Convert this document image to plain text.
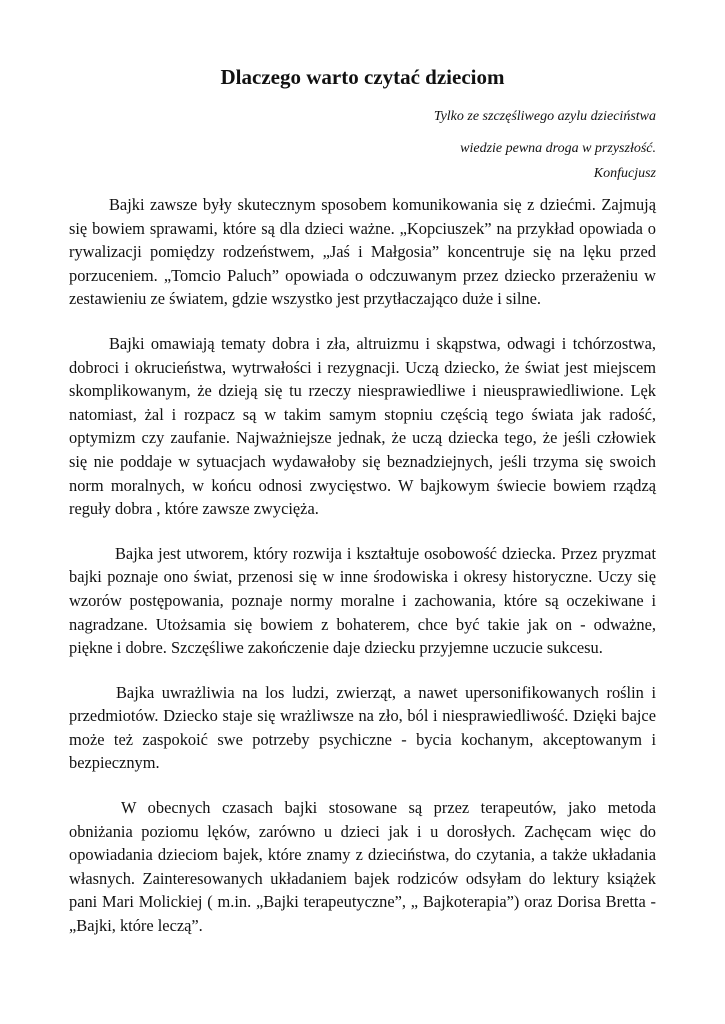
Dlaczego warto czytać dzieciom
Tylko ze szczęśliwego azylu dzieciństwa
wiedzie pewna droga w przyszłość.
Konfucjusz

Bajki zawsze były skutecznym sposobem komunikowania się z dziećmi. Zajmują się bowiem sprawami, które są dla dzieci ważne. „Kopciuszek” na przykład opowiada o rywalizacji pomiędzy rodzeństwem, „Jaś i Małgosia” koncentruje się na lęku przed porzuceniem. „Tomcio Paluch” opowiada o odczuwanym przez dziecko przerażeniu w zestawieniu ze światem, gdzie wszystko jest przytłaczająco duże i silne.

Bajki omawiają tematy dobra i zła, altruizmu i skąpstwa, odwagi i tchórzostwa, dobroci i okrucieństwa, wytrwałości i rezygnacji. Uczą dziecko, że świat jest miejscem skomplikowanym, że dzieją się tu rzeczy niesprawiedliwe i nieusprawiedliwione. Lęk natomiast, żal i rozpacz są w takim samym stopniu częścią tego świata jak radość, optymizm czy zaufanie. Najważniejsze jednak, że uczą dziecka tego, że jeśli człowiek się nie poddaje w sytuacjach wydawałoby się beznadziejnych, jeśli trzyma się swoich norm moralnych, w końcu odnosi zwycięstwo. W bajkowym świecie bowiem rządzą reguły dobra , które zawsze zwycięża.

Bajka jest utworem, który rozwija i kształtuje osobowość dziecka. Przez pryzmat bajki poznaje ono świat, przenosi się w inne środowiska i okresy historyczne. Uczy się wzorów postępowania, poznaje normy moralne i zachowania, które są oczekiwane i nagradzane. Utożsamia się bowiem z bohaterem, chce być takie jak on - odważne, piękne i dobre. Szczęśliwe zakończenie daje dziecku przyjemne uczucie sukcesu.

Bajka uwrażliwia na los ludzi, zwierząt, a nawet upersonifikowanych roślin i przedmiotów. Dziecko staje się wrażliwsze na zło, ból i niesprawiedliwość. Dzięki bajce może też zaspokoić swe potrzeby psychiczne - bycia kochanym, akceptowanym i bezpiecznym.

W obecnych czasach bajki stosowane są przez terapeutów, jako metoda obniżania poziomu lęków, zarówno u dzieci jak i u dorosłych. Zachęcam więc do opowiadania dzieciom bajek, które znamy z dzieciństwa, do czytania, a także układania własnych. Zainteresowanych układaniem bajek rodziców odsyłam do lektury książek pani Mari Molickiej ( m.in. „Bajki terapeutyczne”, „ Bajkoterapia”) oraz Dorisa Bretta - „Bajki, które leczą”.
